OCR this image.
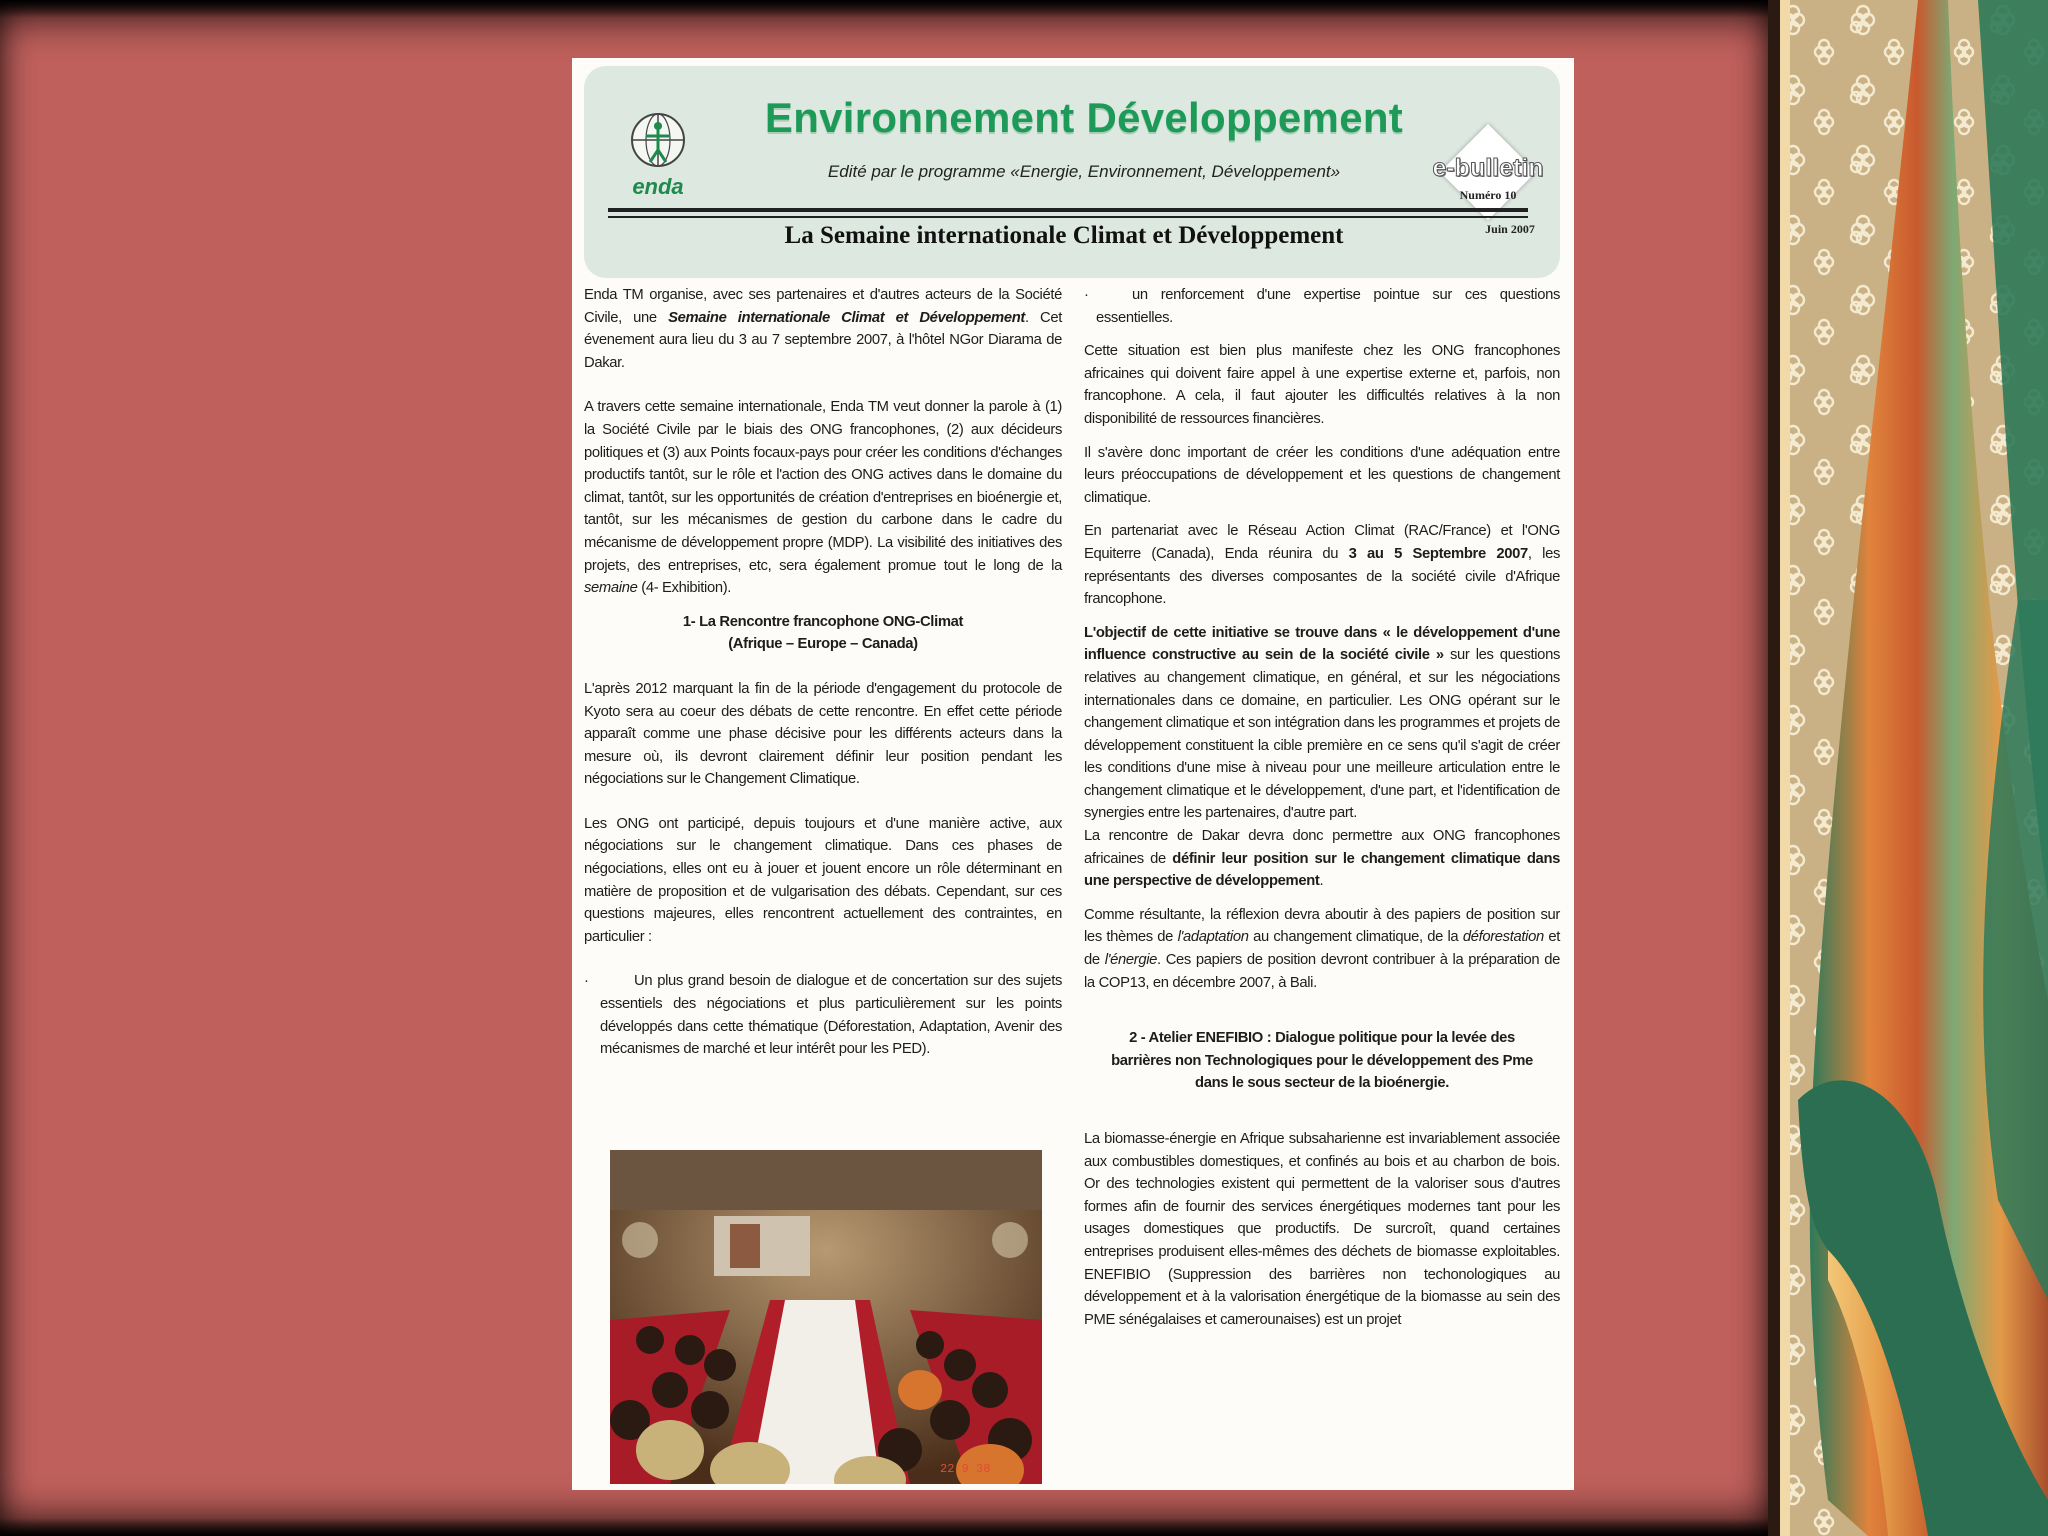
enda
Environnement Développement
Edité par le programme «Energie, Environnement, Développement»	e-bulletin
Numéro 10
Juin 2007
La Semaine internationale Climat et Développement

Enda TM organise, avec ses partenaires et d'autres acteurs de la Société Civile, une Semaine internationale Climat et Développement. Cet évenement aura lieu du 3 au 7 septembre 2007, à l'hôtel NGor Diarama de Dakar.

A travers cette semaine internationale, Enda TM veut donner la parole à (1) la Société Civile par le biais des ONG francophones, (2) aux décideurs politiques et (3) aux Points focaux-pays pour créer les conditions d'échanges productifs tantôt, sur le rôle et l'action des ONG actives dans le domaine du climat, tantôt, sur les opportunités de création d'entreprises en bioénergie et, tantôt, sur les mécanismes de gestion du carbone dans le cadre du mécanisme de développement propre (MDP). La visibilité des initiatives des projets, des entreprises, etc, sera également promue tout le long de la semaine (4- Exhibition).

1- La Rencontre francophone ONG-Climat
(Afrique – Europe – Canada)

L'après 2012 marquant la fin de la période d'engagement du protocole de Kyoto sera au coeur des débats de cette rencontre. En effet cette période apparaît comme une phase décisive pour les différents acteurs dans la mesure où, ils devront clairement définir leur position pendant les négociations sur le Changement Climatique.

Les ONG ont participé, depuis toujours et d'une manière active, aux négociations sur le changement climatique. Dans ces phases de négociations, elles ont eu à jouer et jouent encore un rôle déterminant en matière de proposition et de vulgarisation des débats. Cependant, sur ces questions majeures, elles rencontrent actuellement des contraintes, en particulier :

·	Un plus grand besoin de dialogue et de concertation sur des sujets essentiels des négociations et plus particulièrement sur les points développés dans cette thématique (Déforestation, Adaptation, Avenir des mécanismes de marché et leur intérêt pour les PED).

22 9 38

·	un renforcement d'une expertise pointue sur ces questions essentielles.

Cette situation est bien plus manifeste chez les ONG francophones africaines qui doivent faire appel à une expertise externe et, parfois, non francophone. A cela, il faut ajouter les difficultés relatives à la non disponibilité de ressources financières.

Il s'avère donc important de créer les conditions d'une adéquation entre leurs préoccupations de développement et les questions de changement climatique.

En partenariat avec le Réseau Action Climat (RAC/France) et l'ONG Equiterre (Canada), Enda réunira du 3 au 5 Septembre 2007, les représentants des diverses composantes de la société civile d'Afrique francophone.

L'objectif de cette initiative se trouve dans « le développement d'une influence constructive au sein de la société civile » sur les questions relatives au changement climatique, en général, et sur les négociations internationales dans ce domaine, en particulier. Les ONG opérant sur le changement climatique et son intégration dans les programmes et projets de développement constituent la cible première en ce sens qu'il s'agit de créer les conditions d'une mise à niveau pour une meilleure articulation entre le changement climatique et le développement, d'une part, et l'identification de synergies entre les partenaires, d'autre part.

La rencontre de Dakar devra donc permettre aux ONG francophones africaines de définir leur position sur le changement climatique dans une perspective de développement.

Comme résultante, la réflexion devra aboutir à des papiers de position sur les thèmes de l'adaptation au changement climatique, de la déforestation et de l'énergie. Ces papiers de position devront contribuer à la préparation de la COP13, en décembre 2007, à Bali.

2 - Atelier ENEFIBIO : Dialogue politique pour la levée des barrières non Technologiques pour le développement des Pme dans le sous secteur de la bioénergie.

La biomasse-énergie en Afrique subsaharienne est invariablement associée aux combustibles domestiques, et confinés au bois et au charbon de bois. Or des technologies existent qui permettent de la valoriser sous d'autres formes afin de fournir des services énergétiques modernes tant pour les usages domestiques que productifs. De surcroît, quand certaines entreprises produisent elles-mêmes des déchets de biomasse exploitables. ENEFIBIO (Suppression des barrières non techonologiques au développement et à la valorisation énergétique de la biomasse au sein des PME sénégalaises et camerounaises) est un projet
